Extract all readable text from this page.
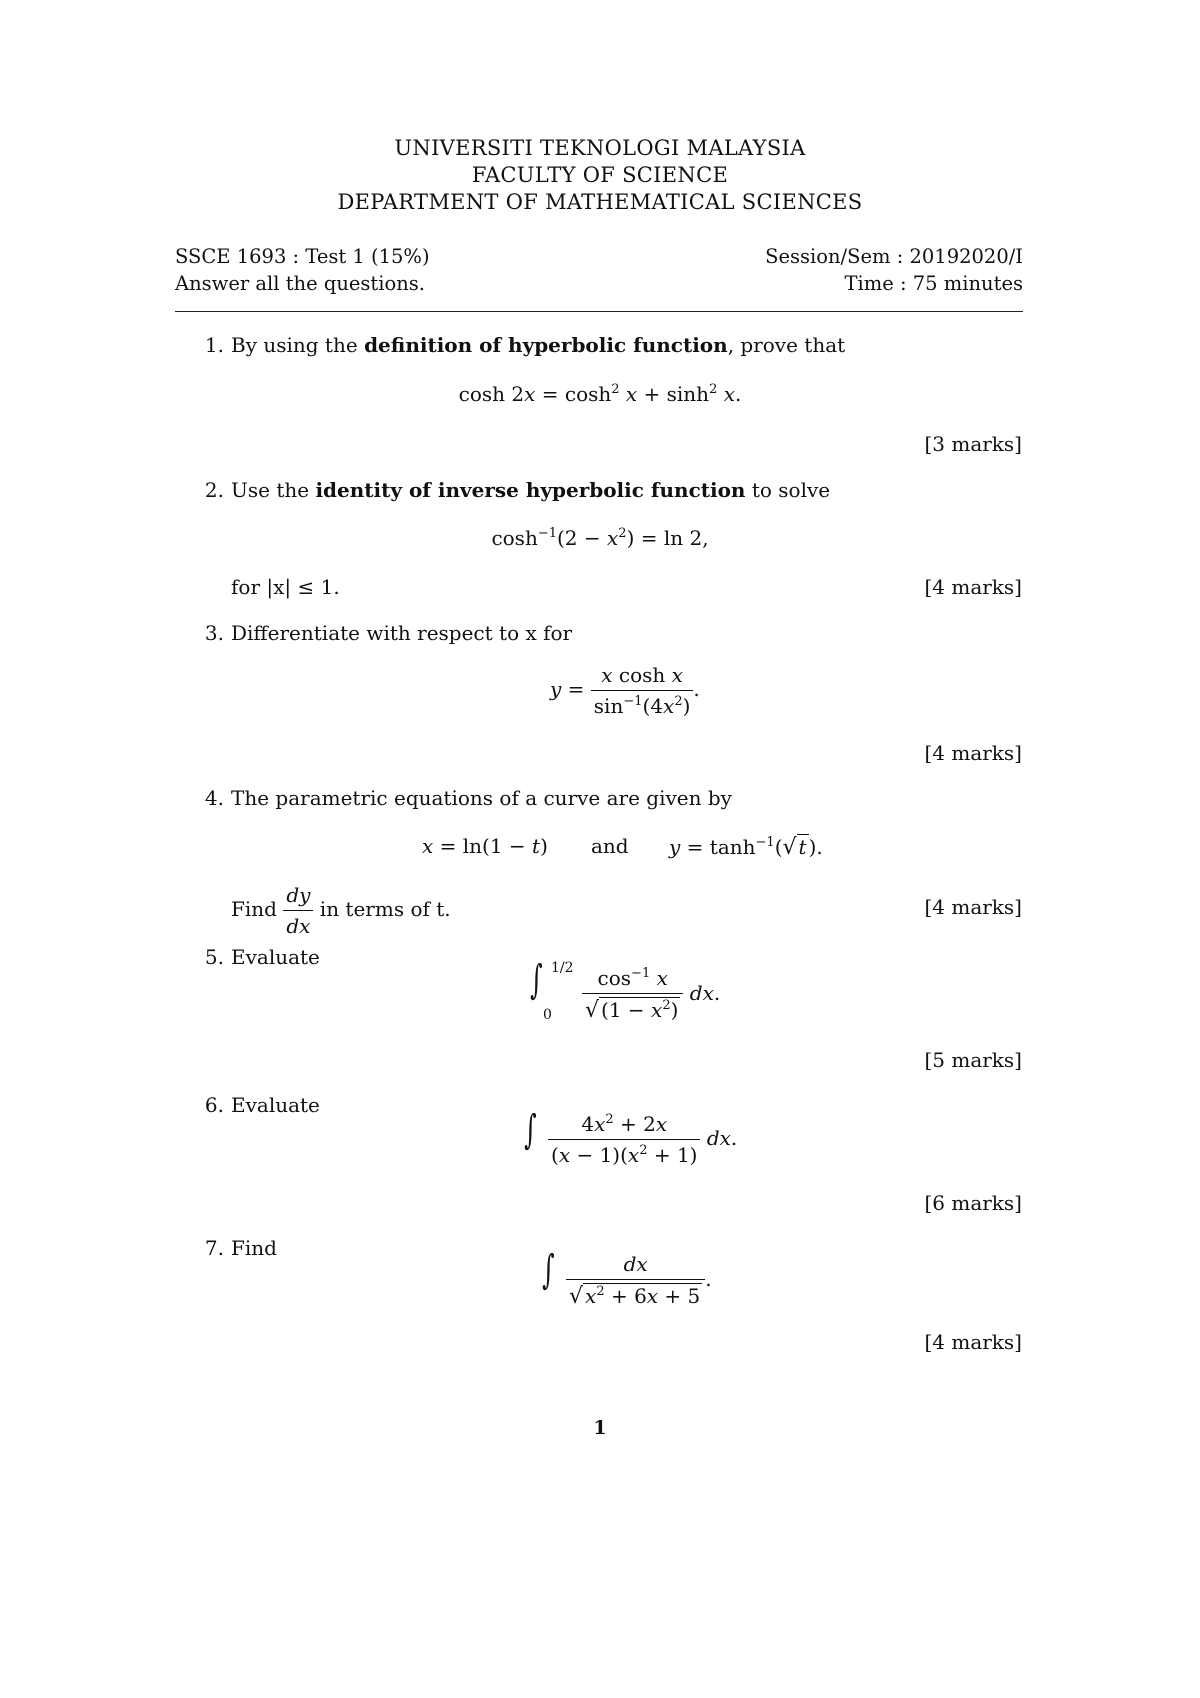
UNIVERSITI TEKNOLOGI MALAYSIA
FACULTY OF SCIENCE
DEPARTMENT OF MATHEMATICAL SCIENCES
SSCE 1693 : Test 1 (15%)
Answer all the questions.
Session/Sem : 20192020/I
Time : 75 minutes
1. By using the definition of hyperbolic function, prove that
$\cosh 2x = \cosh^2 x + \sinh^2 x$.
[3 marks]
2. Use the identity of inverse hyperbolic function to solve
$\cosh^{-1}(2 - x^2) = \ln 2$,
for |x| ≤ 1.	[4 marks]
3. Differentiate with respect to x for
$y = \frac{\text{x cosh x}}{\sin^{-1}(4x^2)}$ .
[4 marks]
4. The parametric equations of a curve are given by
x = ln(1 − t) and $y = \tanh^{-1}(√$ t ).
Find $\frac{dy}{dx}$ in terms of t.	[4 marks]
5. Evaluate	∫ 1/2
$0 \frac{\cos^{-1} x}{√ (1 - x^2)}$ dx.
[5 marks]
6. Evaluate
∫ $\frac{4x^2 + 2x}{(x - 1)(x^2 + 1)}$ dx.
[6 marks]
7. Find	∫ $\frac{dx}{√ x^2 + 6x + 5}$ .
[4 marks]
1
